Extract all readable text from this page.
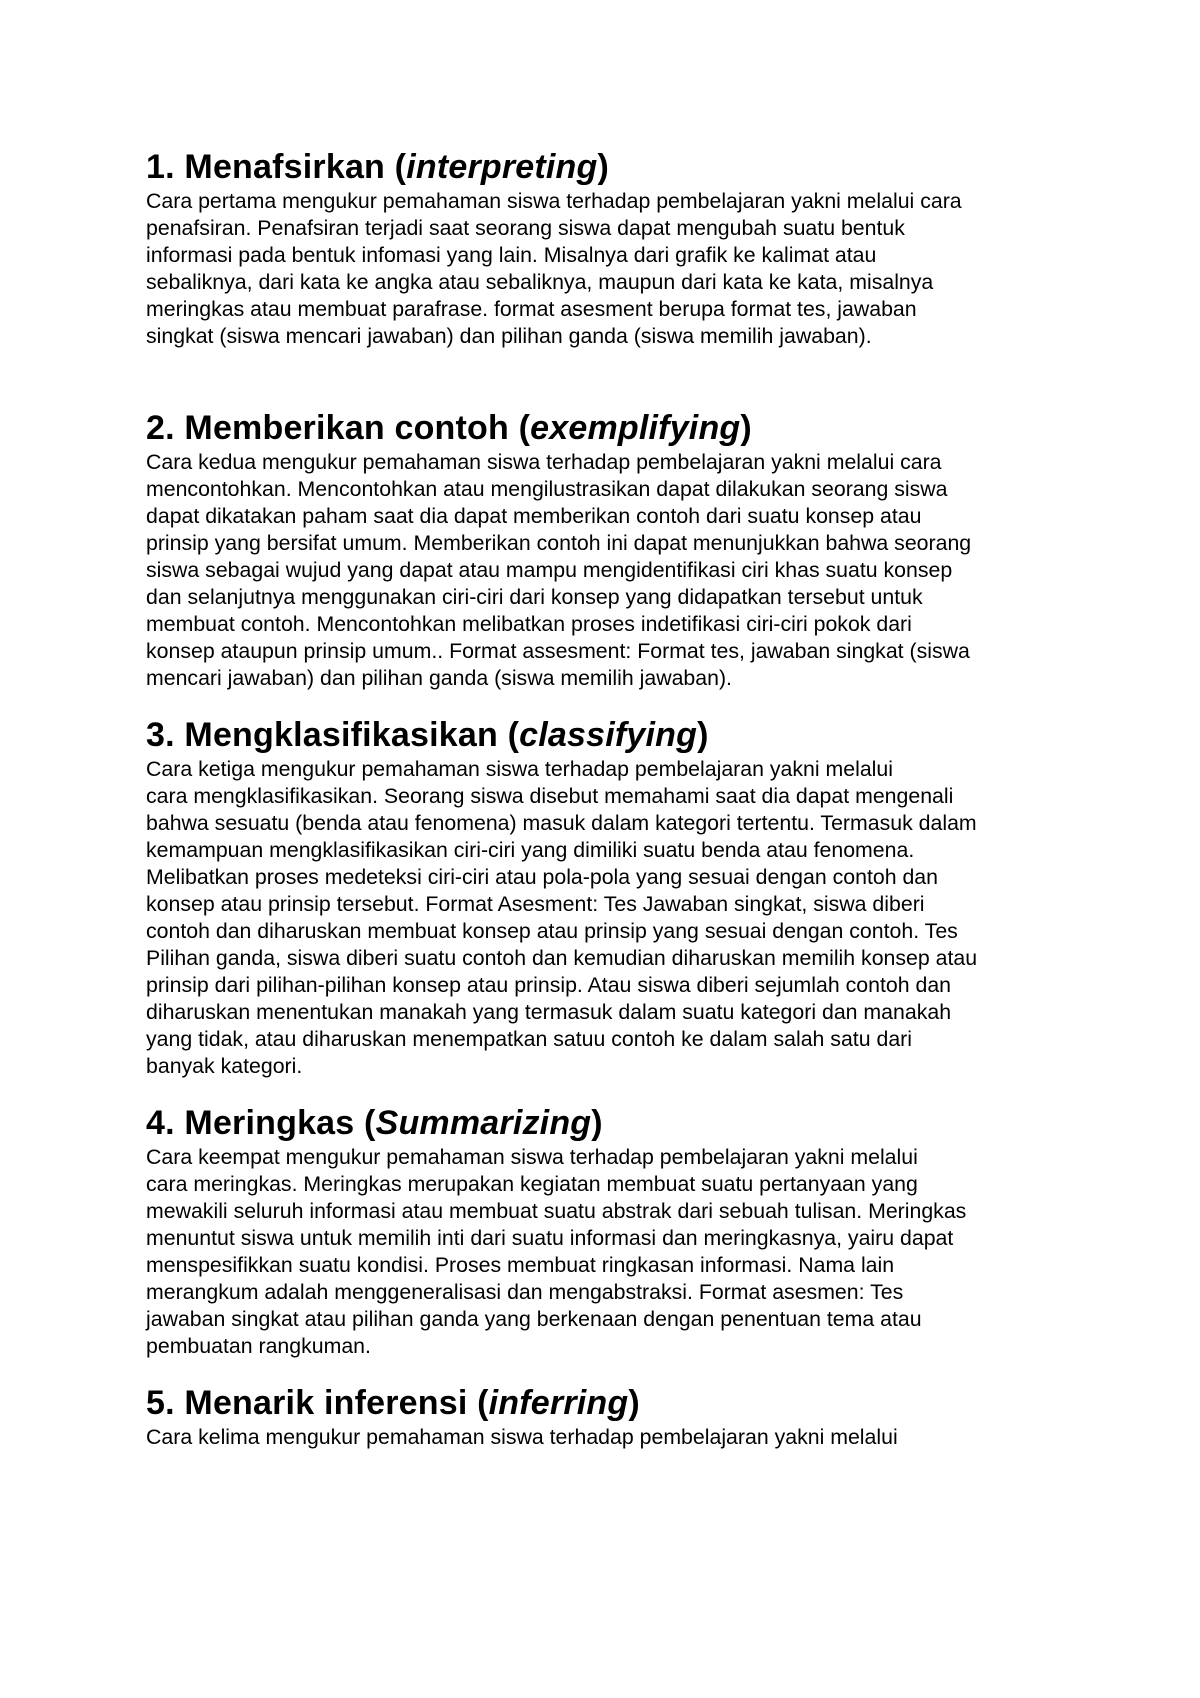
1. Menafsirkan (interpreting)

Cara pertama mengukur pemahaman siswa terhadap pembelajaran yakni melalui cara
penafsiran. Penafsiran terjadi saat seorang siswa dapat mengubah suatu bentuk
informasi pada bentuk infomasi yang lain. Misalnya dari grafik ke kalimat atau
sebaliknya, dari kata ke angka atau sebaliknya, maupun dari kata ke kata, misalnya
meringkas atau membuat parafrase. format asesment berupa format tes, jawaban
singkat (siswa mencari jawaban) dan pilihan ganda (siswa memilih jawaban).

2. Memberikan contoh (exemplifying)

Cara kedua mengukur pemahaman siswa terhadap pembelajaran yakni melalui cara
mencontohkan. Mencontohkan atau mengilustrasikan dapat dilakukan seorang siswa
dapat dikatakan paham saat dia dapat memberikan contoh dari suatu konsep atau
prinsip yang bersifat umum. Memberikan contoh ini dapat menunjukkan bahwa seorang
siswa sebagai wujud yang dapat atau mampu mengidentifikasi ciri khas suatu konsep
dan selanjutnya menggunakan ciri-ciri dari konsep yang didapatkan tersebut untuk
membuat contoh. Mencontohkan melibatkan proses indetifikasi ciri-ciri pokok dari
konsep ataupun prinsip umum.. Format assesment: Format tes, jawaban singkat (siswa
mencari jawaban) dan pilihan ganda (siswa memilih jawaban).

3. Mengklasifikasikan (classifying)

Cara ketiga mengukur pemahaman siswa terhadap pembelajaran yakni melalui
cara mengklasifikasikan. Seorang siswa disebut memahami saat dia dapat mengenali
bahwa sesuatu (benda atau fenomena) masuk dalam kategori tertentu. Termasuk dalam
kemampuan mengklasifikasikan ciri-ciri yang dimiliki suatu benda atau fenomena.
Melibatkan proses medeteksi ciri-ciri atau pola-pola yang sesuai dengan contoh dan
konsep atau prinsip tersebut. Format Asesment: Tes Jawaban singkat, siswa diberi
contoh dan diharuskan membuat konsep atau prinsip yang sesuai dengan contoh. Tes
Pilihan ganda, siswa diberi suatu contoh dan kemudian diharuskan memilih konsep atau
prinsip dari pilihan-pilihan konsep atau prinsip. Atau siswa diberi sejumlah contoh dan
diharuskan menentukan manakah yang termasuk dalam suatu kategori dan manakah
yang tidak, atau diharuskan menempatkan satuu contoh ke dalam salah satu dari
banyak kategori.

4. Meringkas (Summarizing)

Cara keempat mengukur pemahaman siswa terhadap pembelajaran yakni melalui
cara meringkas. Meringkas merupakan kegiatan membuat suatu pertanyaan yang
mewakili seluruh informasi atau membuat suatu abstrak dari sebuah tulisan. Meringkas
menuntut siswa untuk memilih inti dari suatu informasi dan meringkasnya, yairu dapat
menspesifikkan suatu kondisi. Proses membuat ringkasan informasi. Nama lain
merangkum adalah menggeneralisasi dan mengabstraksi. Format asesmen: Tes
jawaban singkat atau pilihan ganda yang berkenaan dengan penentuan tema atau
pembuatan rangkuman.

5. Menarik inferensi (inferring)

Cara kelima mengukur pemahaman siswa terhadap pembelajaran yakni melalui
